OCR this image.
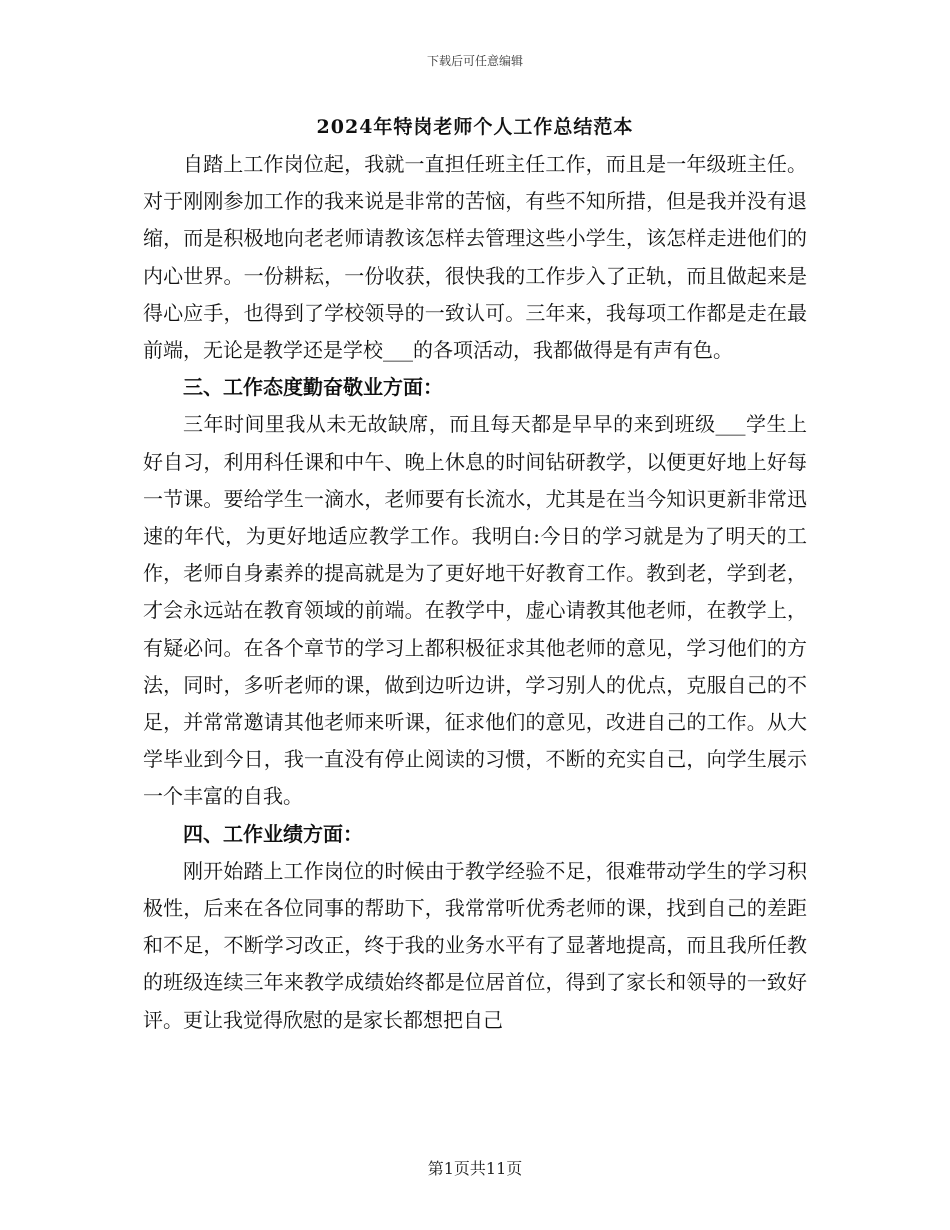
下载后可任意编辑
2024年特岗老师个人工作总结范本

自踏上工作岗位起，我就一直担任班主任工作，而且是一年级班主任。对于刚刚参加工作的我来说是非常的苦恼，有些不知所措，但是我并没有退缩，而是积极地向老老师请教该怎样去管理这些小学生，该怎样走进他们的内心世界。一份耕耘，一份收获，很快我的工作步入了正轨，而且做起来是得心应手，也得到了学校领导的一致认可。三年来，我每项工作都是走在最前端，无论是教学还是学校___的各项活动，我都做得是有声有色。

三、工作态度勤奋敬业方面：

三年时间里我从未无故缺席，而且每天都是早早的来到班级___学生上好自习，利用科任课和中午、晚上休息的时间钻研教学，以便更好地上好每一节课。要给学生一滴水，老师要有长流水，尤其是在当今知识更新非常迅速的年代，为更好地适应教学工作。我明白:今日的学习就是为了明天的工作，老师自身素养的提高就是为了更好地干好教育工作。教到老，学到老，才会永远站在教育领域的前端。在教学中，虚心请教其他老师，在教学上，有疑必问。在各个章节的学习上都积极征求其他老师的意见，学习他们的方法，同时，多听老师的课，做到边听边讲，学习别人的优点，克服自己的不足，并常常邀请其他老师来听课，征求他们的意见，改进自己的工作。从大学毕业到今日，我一直没有停止阅读的习惯，不断的充实自己，向学生展示一个丰富的自我。

四、工作业绩方面：

刚开始踏上工作岗位的时候由于教学经验不足，很难带动学生的学习积极性，后来在各位同事的帮助下，我常常听优秀老师的课，找到自己的差距和不足，不断学习改正，终于我的业务水平有了显著地提高，而且我所任教的班级连续三年来教学成绩始终都是位居首位，得到了家长和领导的一致好评。更让我觉得欣慰的是家长都想把自己

第1页共11页
